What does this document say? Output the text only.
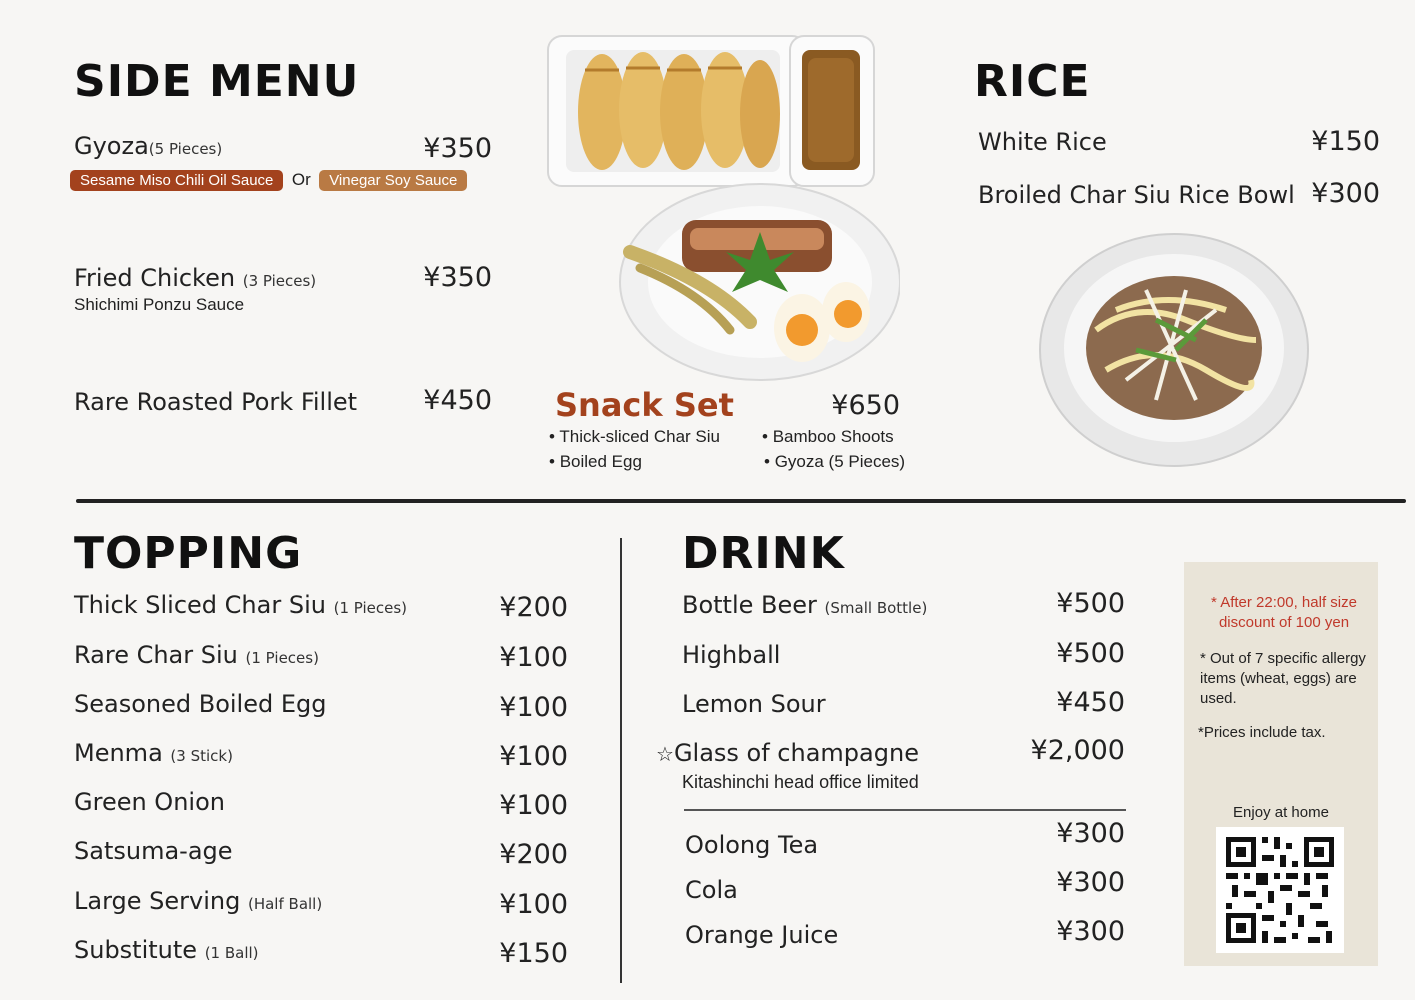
SIDE MENU
Gyoza(5 Pieces)	¥350
Sesame Miso Chili Oil Sauce Or Vinegar Soy Sauce
Fried Chicken (3 Pieces)	¥350
Shichimi Ponzu Sauce
Rare Roasted Pork Fillet	¥450 Snack Set	¥650
• Thick-sliced Char Siu • Bamboo Shoots
• Boiled Egg	• Gyoza (5 Pieces)
RICE
White Rice	¥150
Broiled Char Siu Rice Bowl ¥300
TOPPING
Thick Sliced Char Siu (1 Pieces)	¥200
Rare Char Siu (1 Pieces)	¥100
Seasoned Boiled Egg	¥100
Menma (3 Stick)	¥100
Green Onion	¥100
Satsuma-age	¥200
Large Serving (Half Ball)	¥100
Substitute (1 Ball)	¥150
DRINK
Bottle Beer (Small Bottle)	¥500
Highball	¥500
Lemon Sour	¥450
☆Glass of champagne	¥2,000
Kitashinchi head office limited
Oolong Tea	¥300
Cola	¥300
Orange Juice	¥300
* After 22:00, half size discount of 100 yen
* Out of 7 specific allergy items (wheat, eggs) are used.
*Prices include tax.
Enjoy at home
